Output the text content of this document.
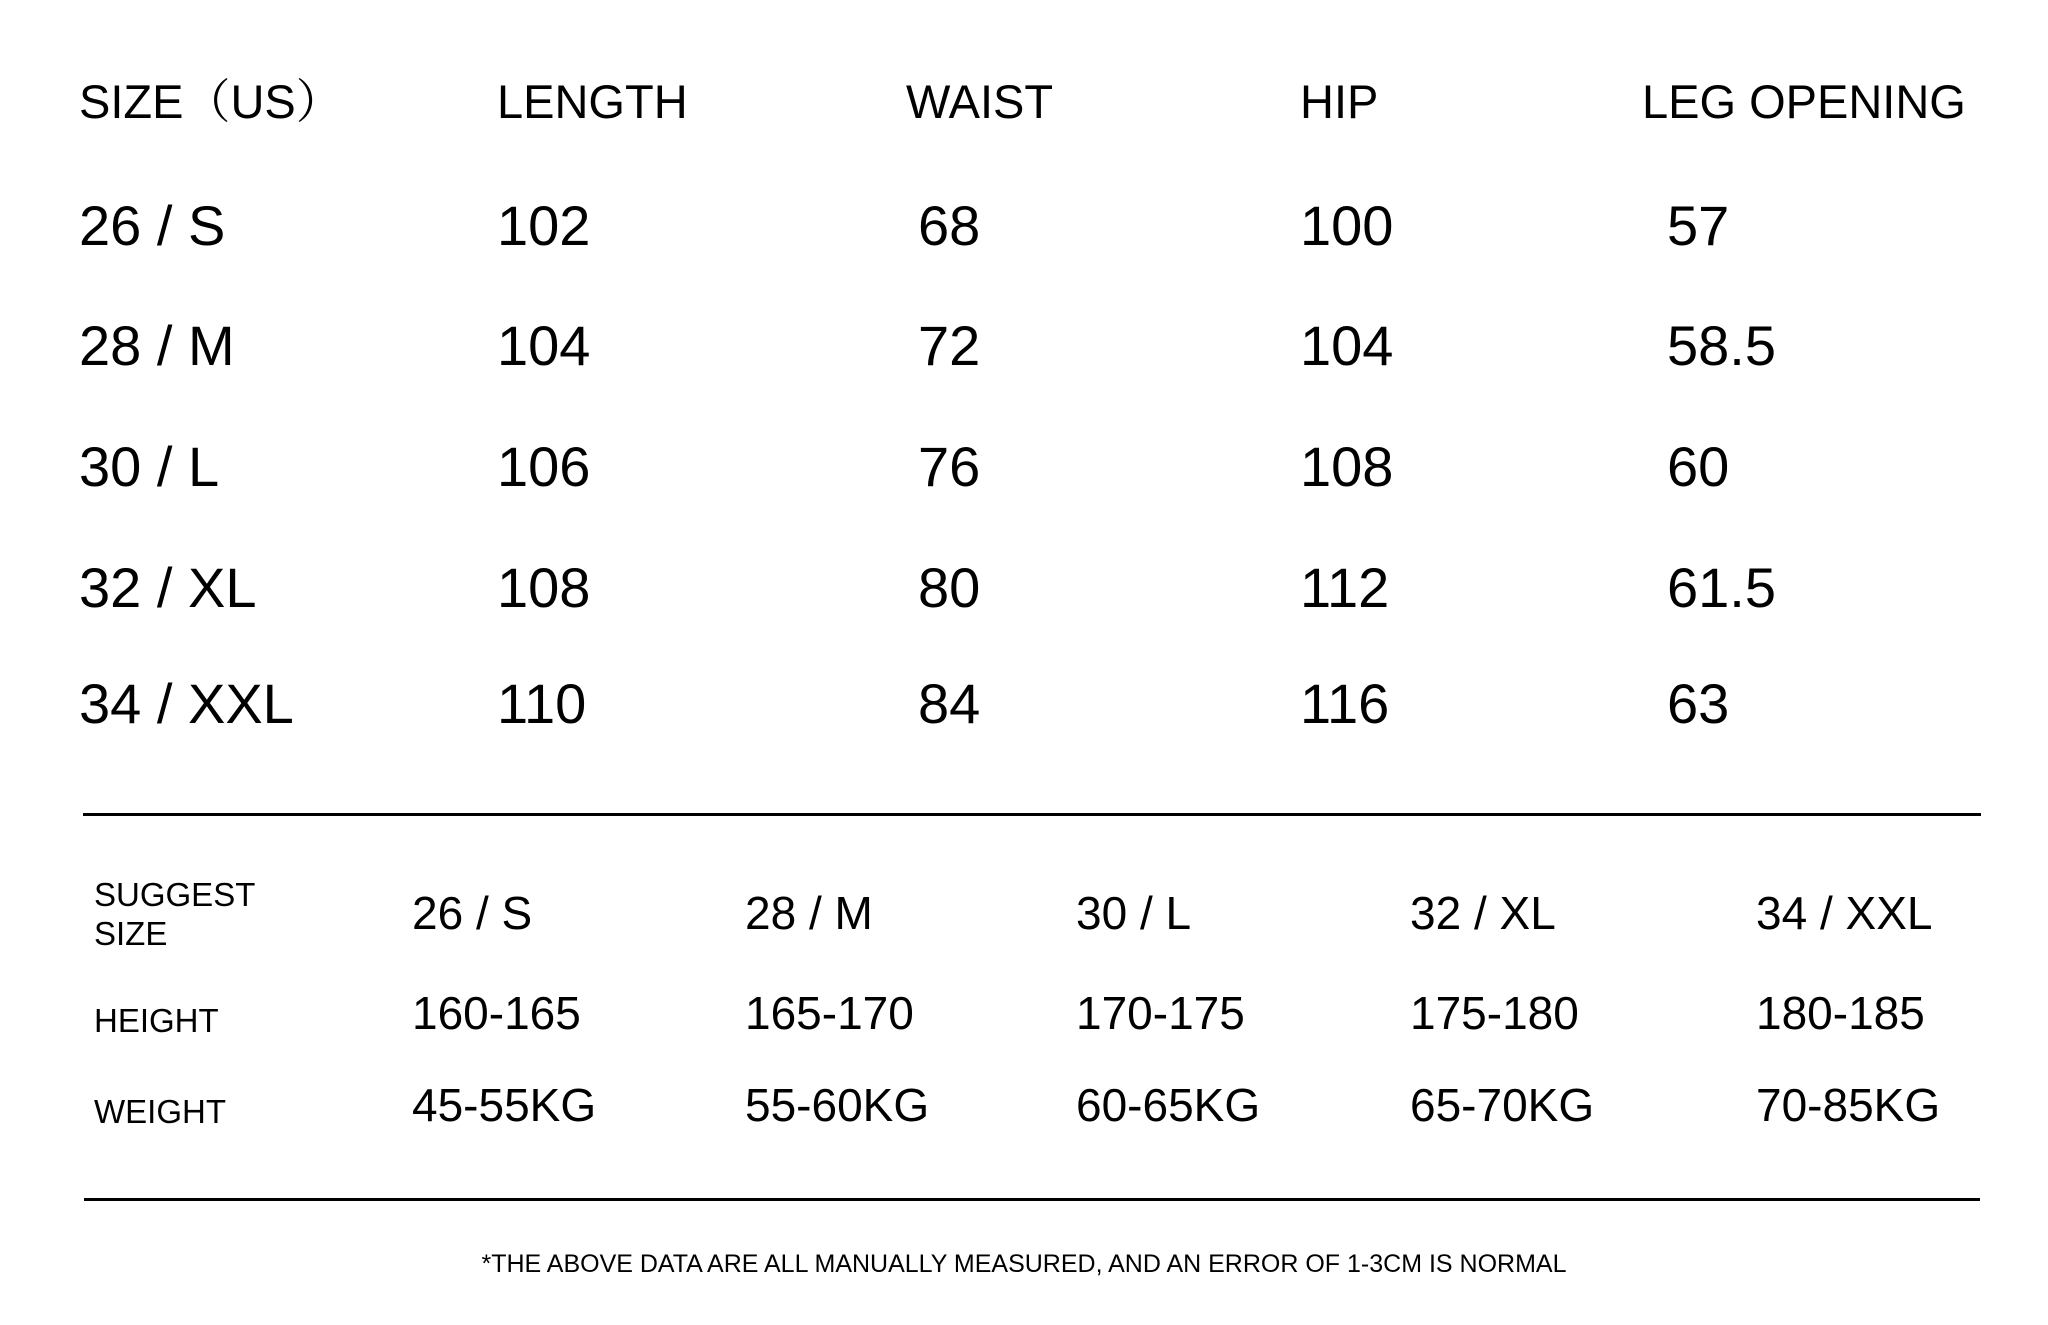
SIZE（US）	LENGTH	WAIST	HIP	LEG OPENING
26 / S	102	68	100	57
28 / M	104	72	104	58.5
30 / L	106	76	108	60
32 / XL	108	80	112	61.5
34 / XXL	110	84	116	63
SUGGEST
SIZE	26 / S	28 / M	30 / L	32 / XL	34 / XXL
HEIGHT	160-165	165-170	170-175	175-180	180-185
WEIGHT	45-55KG	55-60KG	60-65KG	65-70KG	70-85KG
*THE ABOVE DATA ARE ALL MANUALLY MEASURED, AND AN ERROR OF 1-3CM IS NORMAL
